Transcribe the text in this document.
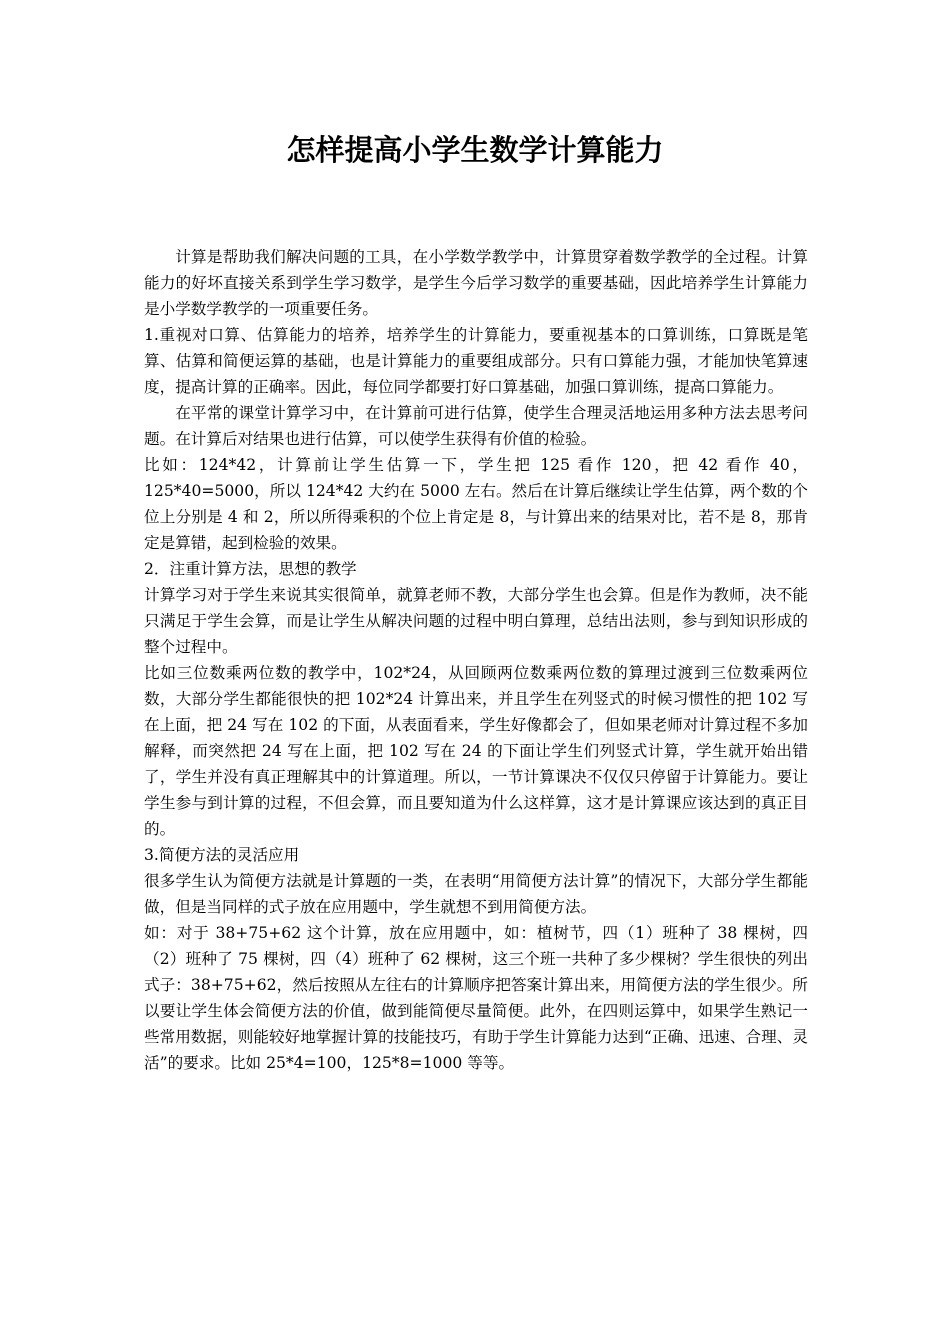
怎样提高小学生数学计算能力

计算是帮助我们解决问题的工具，在小学数学教学中，计算贯穿着数学教学的全过程。计算能力的好坏直接关系到学生学习数学，是学生今后学习数学的重要基础，因此培养学生计算能力是小学数学教学的一项重要任务。

1.重视对口算、估算能力的培养，培养学生的计算能力，要重视基本的口算训练，口算既是笔算、估算和简便运算的基础，也是计算能力的重要组成部分。只有口算能力强，才能加快笔算速度，提高计算的正确率。因此，每位同学都要打好口算基础，加强口算训练，提高口算能力。

在平常的课堂计算学习中，在计算前可进行估算，使学生合理灵活地运用多种方法去思考问题。在计算后对结果也进行估算，可以使学生获得有价值的检验。

比如：124*42，计算前让学生估算一下，学生把 125 看作 120，把 42 看作 40，125*40=5000，所以 124*42 大约在 5000 左右。然后在计算后继续让学生估算，两个数的个位上分别是 4 和 2，所以所得乘积的个位上肯定是 8，与计算出来的结果对比，若不是 8，那肯定是算错，起到检验的效果。

2．注重计算方法，思想的教学

计算学习对于学生来说其实很简单，就算老师不教，大部分学生也会算。但是作为教师，决不能只满足于学生会算，而是让学生从解决问题的过程中明白算理，总结出法则，参与到知识形成的整个过程中。

比如三位数乘两位数的教学中，102*24，从回顾两位数乘两位数的算理过渡到三位数乘两位数，大部分学生都能很快的把 102*24 计算出来，并且学生在列竖式的时候习惯性的把 102 写在上面，把 24 写在 102 的下面，从表面看来，学生好像都会了，但如果老师对计算过程不多加解释，而突然把 24 写在上面，把 102 写在 24 的下面让学生们列竖式计算，学生就开始出错了，学生并没有真正理解其中的计算道理。所以，一节计算课决不仅仅只停留于计算能力。要让学生参与到计算的过程，不但会算，而且要知道为什么这样算，这才是计算课应该达到的真正目的。

3.简便方法的灵活应用

很多学生认为简便方法就是计算题的一类，在表明“用简便方法计算”的情况下，大部分学生都能做，但是当同样的式子放在应用题中，学生就想不到用简便方法。

如：对于 38+75+62 这个计算，放在应用题中，如：植树节，四（1）班种了 38 棵树，四（2）班种了 75 棵树，四（4）班种了 62 棵树，这三个班一共种了多少棵树？学生很快的列出式子：38+75+62，然后按照从左往右的计算顺序把答案计算出来，用简便方法的学生很少。所以要让学生体会简便方法的价值，做到能简便尽量简便。此外，在四则运算中，如果学生熟记一些常用数据，则能较好地掌握计算的技能技巧，有助于学生计算能力达到“正确、迅速、合理、灵活”的要求。比如 25*4=100，125*8=1000 等等。
